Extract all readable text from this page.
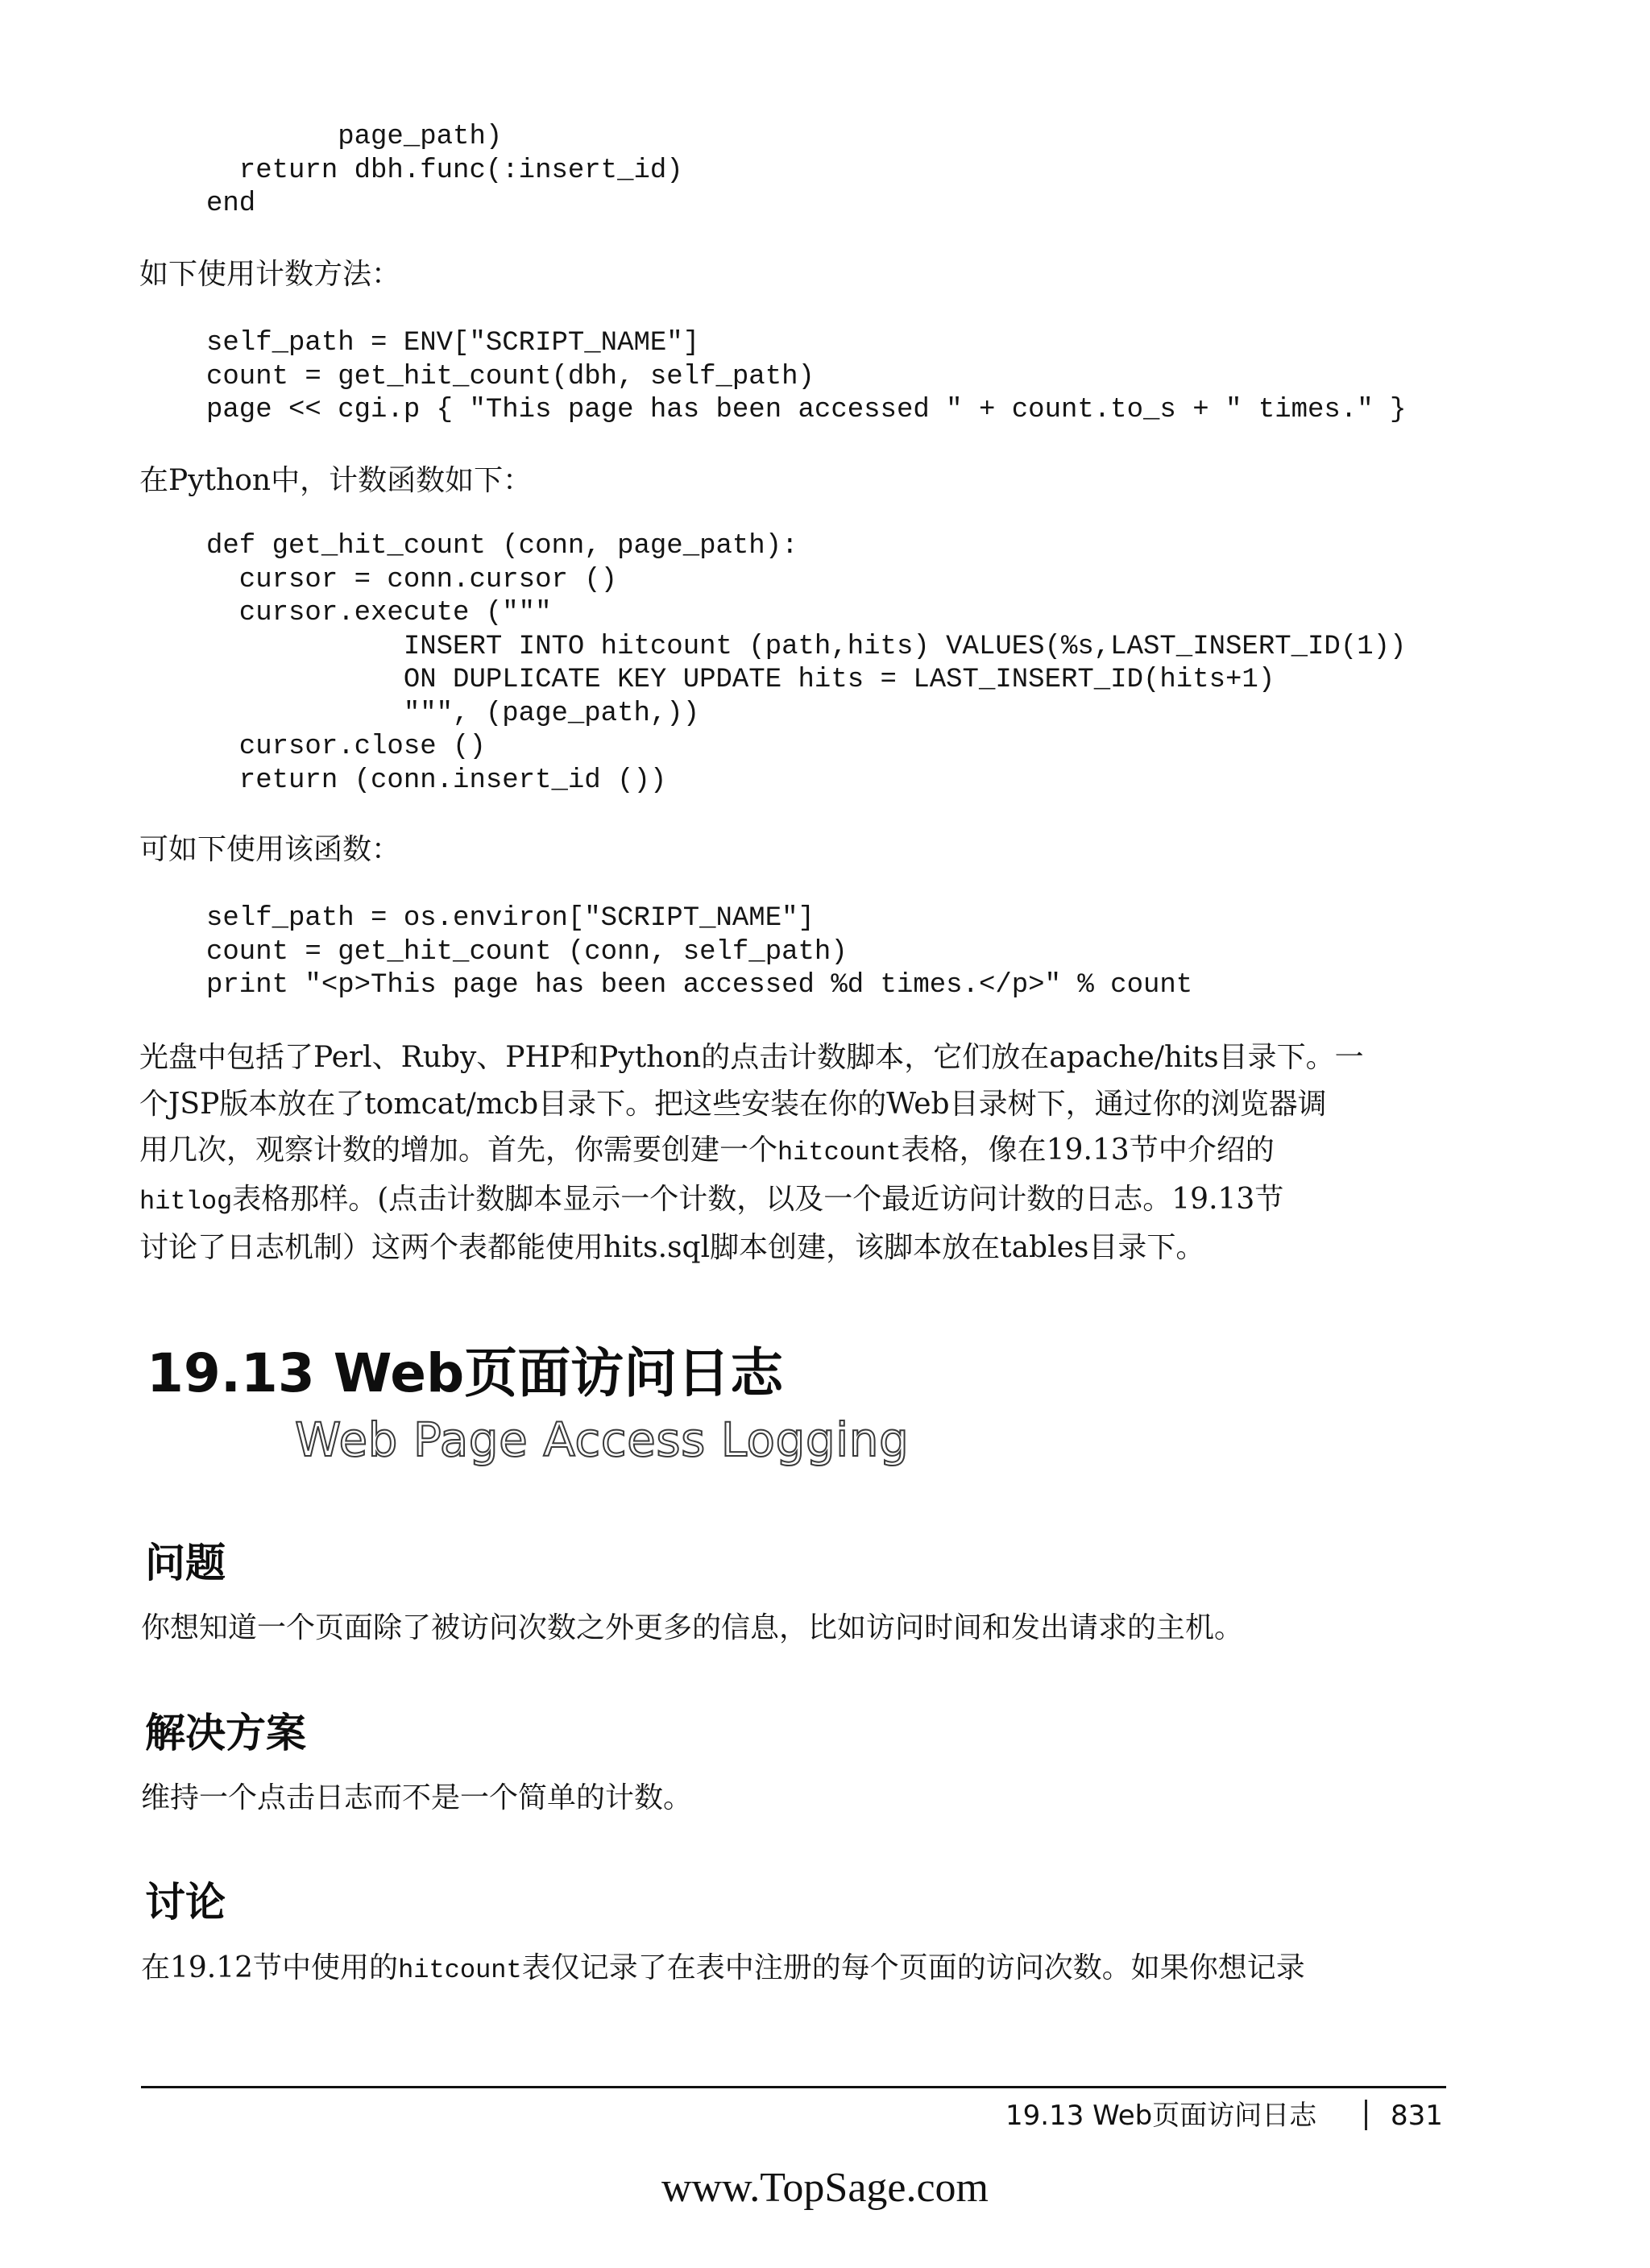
page_path)
return dbh.func(:insert_id)
end

如下使用计数方法：

self_path = ENV["SCRIPT_NAME"]
count = get_hit_count(dbh, self_path)
page << cgi.p { "This page has been accessed " + count.to_s + " times." }

在Python中，计数函数如下：

def get_hit_count (conn, page_path):
cursor = conn.cursor ()
cursor.execute ("""
INSERT INTO hitcount (path,hits) VALUES(%s,LAST_INSERT_ID(1))
ON DUPLICATE KEY UPDATE hits = LAST_INSERT_ID(hits+1)
""", (page_path,))
cursor.close ()
return (conn.insert_id ())

可如下使用该函数：

self_path = os.environ["SCRIPT_NAME"]
count = get_hit_count (conn, self_path)
print "<p>This page has been accessed %d times.</p>" % count
光盘中包括了Perl、Ruby、PHP和Python的点击计数脚本，它们放在apache/hits目录下。一
个JSP版本放在了tomcat/mcb目录下。把这些安装在你的Web目录树下，通过你的浏览器调
用几次，观察计数的增加。首先，你需要创建一个hitcount表格，像在19.13节中介绍的
hitlog表格那样。(点击计数脚本显示一个计数，以及一个最近访问计数的日志。19.13节
讨论了日志机制）这两个表都能使用hits.sql脚本创建，该脚本放在tables目录下。
19.13 Web页面访问日志
Web Page Access Logging
问题

你想知道一个页面除了被访问次数之外更多的信息，比如访问时间和发出请求的主机。

解决方案

维持一个点击日志而不是一个简单的计数。

讨论

在19.12节中使用的hitcount表仅记录了在表中注册的每个页面的访问次数。如果你想记录

19.13 Web页面访问日志	831

www.TopSage.com
